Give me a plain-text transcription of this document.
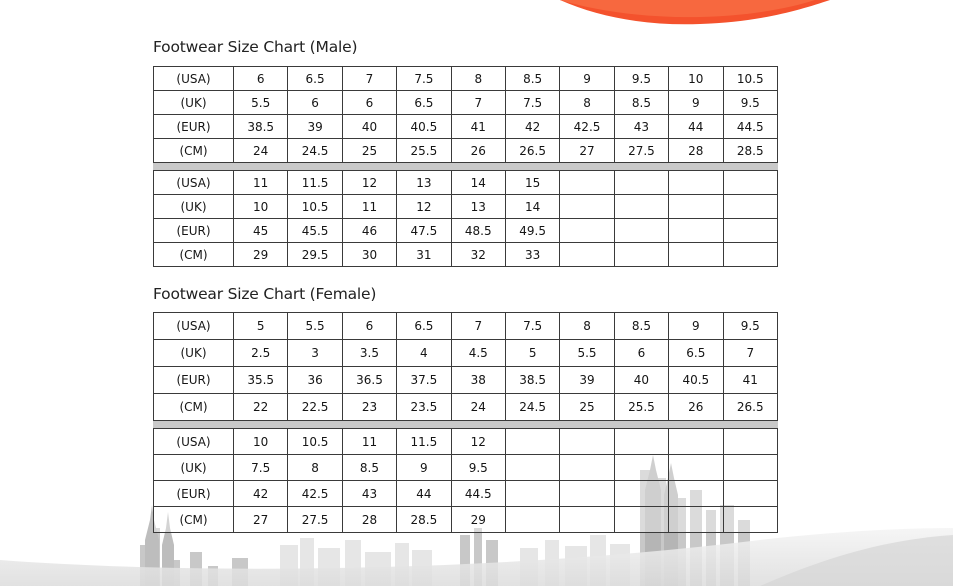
Footwear Size Chart (Male)
(USA)	6	6.5	7	7.5	8	8.5	9	9.5	10	10.5
(UK)	5.5	6	6	6.5	7	7.5	8	8.5	9	9.5
(EUR)	38.5	39	40	40.5	41	42	42.5	43	44	44.5
(CM)	24	24.5	25	25.5	26	26.5	27	27.5	28	28.5

(USA)	11	11.5	12	13	14	15				
(UK)	10	10.5	11	12	13	14				
(EUR)	45	45.5	46	47.5	48.5	49.5				
(CM)	29	29.5	30	31	32	33				
Footwear Size Chart (Female)
(USA)	5	5.5	6	6.5	7	7.5	8	8.5	9	9.5
(UK)	2.5	3	3.5	4	4.5	5	5.5	6	6.5	7
(EUR)	35.5	36	36.5	37.5	38	38.5	39	40	40.5	41
(CM)	22	22.5	23	23.5	24	24.5	25	25.5	26	26.5

(USA)	10	10.5	11	11.5	12					
(UK)	7.5	8	8.5	9	9.5					
(EUR)	42	42.5	43	44	44.5					
(CM)	27	27.5	28	28.5	29					
